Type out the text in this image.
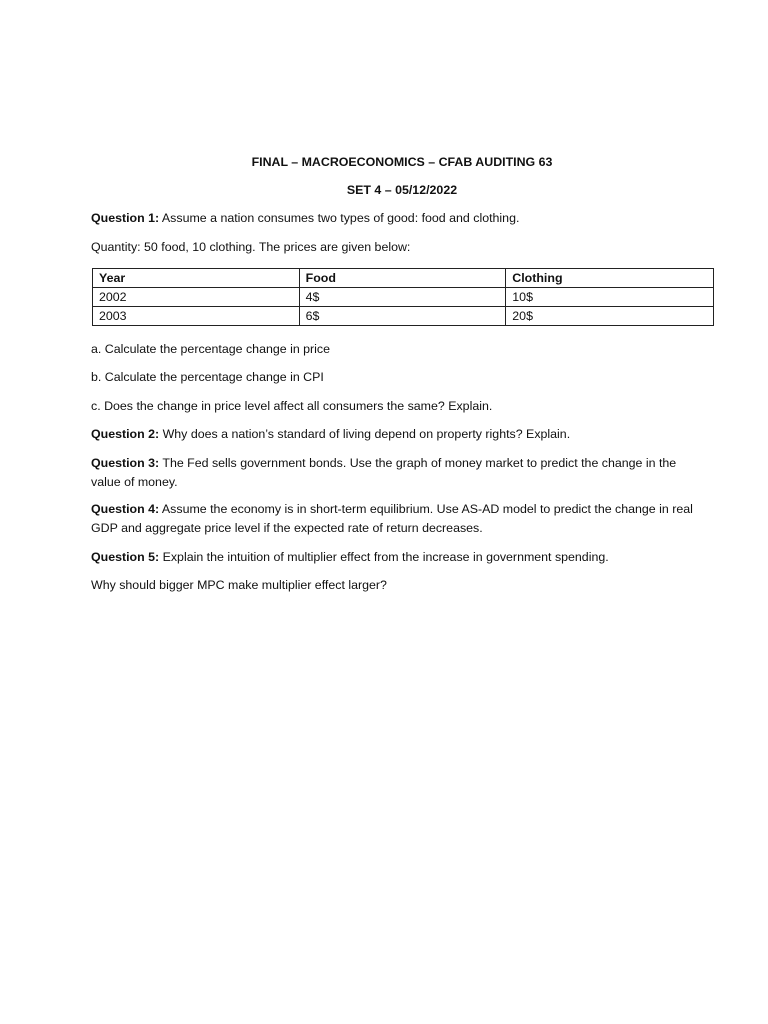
FINAL – MACROECONOMICS – CFAB AUDITING 63
SET 4 – 05/12/2022
Question 1: Assume a nation consumes two types of good: food and clothing.
Quantity: 50 food, 10 clothing. The prices are given below:
Year	Food	Clothing
2002	4$	10$
2003	6$	20$
a. Calculate the percentage change in price
b. Calculate the percentage change in CPI
c. Does the change in price level affect all consumers the same? Explain.
Question 2: Why does a nation’s standard of living depend on property rights? Explain.
Question 3: The Fed sells government bonds. Use the graph of money market to predict the change in the value of money.
Question 4: Assume the economy is in short-term equilibrium. Use AS-AD model to predict the change in real GDP and aggregate price level if the expected rate of return decreases.
Question 5: Explain the intuition of multiplier effect from the increase in government spending.
Why should bigger MPC make multiplier effect larger?
